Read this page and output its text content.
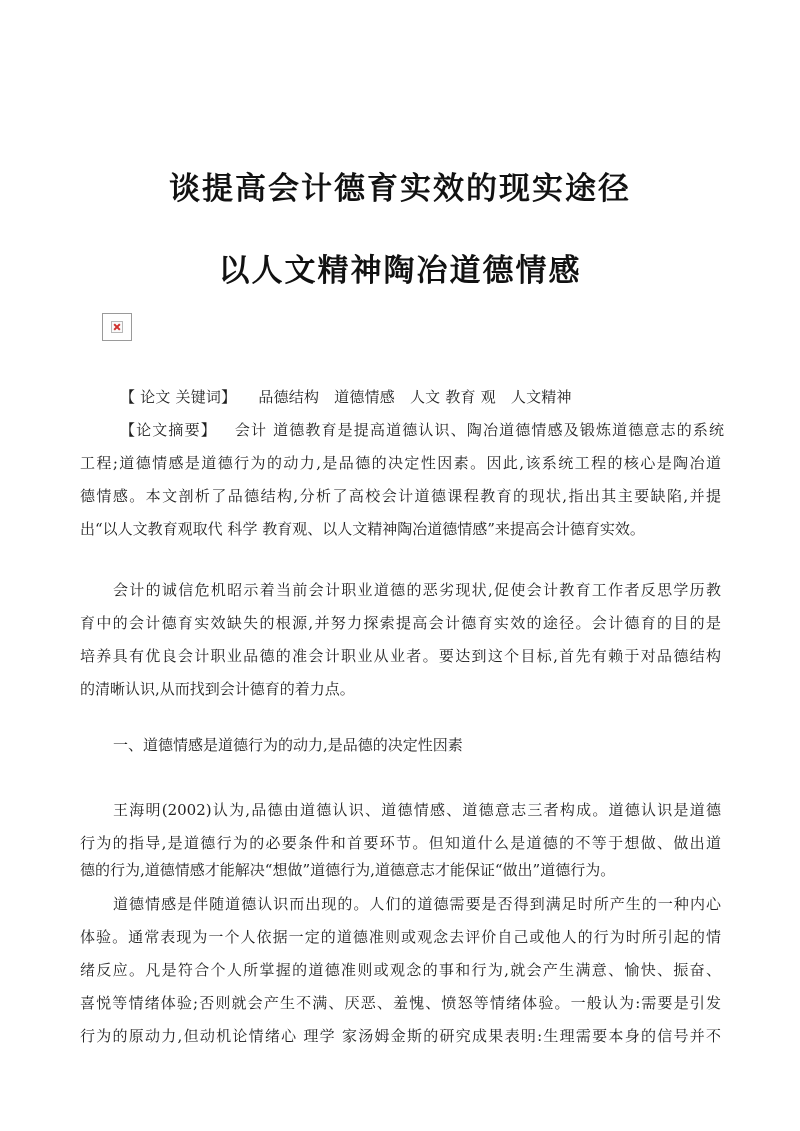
谈提高会计德育实效的现实途径
以人文精神陶冶道德情感
【 论文 关键词】 品德结构 道德情感 人文 教育 观 人文精神
【论文摘要】 会计 道德教育是提高道德认识、陶冶道德情感及锻炼道德意志的系统
工程;道德情感是道德行为的动力,是品德的决定性因素。因此,该系统工程的核心是陶冶道
德情感。本文剖析了品德结构,分析了高校会计道德课程教育的现状,指出其主要缺陷,并提
出“以人文教育观取代 科学 教育观、以人文精神陶冶道德情感”来提高会计德育实效。
会计的诚信危机昭示着当前会计职业道德的恶劣现状,促使会计教育工作者反思学历教
育中的会计德育实效缺失的根源,并努力探索提高会计德育实效的途径。会计德育的目的是
培养具有优良会计职业品德的准会计职业从业者。要达到这个目标,首先有赖于对品德结构
的清晰认识,从而找到会计德育的着力点。
一、道德情感是道德行为的动力,是品德的决定性因素
王海明(2002)认为,品德由道德认识、道德情感、道德意志三者构成。道德认识是道德
行为的指导,是道德行为的必要条件和首要环节。但知道什么是道德的不等于想做、做出道
德的行为,道德情感才能解决“想做”道德行为,道德意志才能保证“做出”道德行为。
道德情感是伴随道德认识而出现的。人们的道德需要是否得到满足时所产生的一种内心
体验。通常表现为一个人依据一定的道德准则或观念去评价自己或他人的行为时所引起的情
绪反应。凡是符合个人所掌握的道德准则或观念的事和行为,就会产生满意、愉快、振奋、
喜悦等情绪体验;否则就会产生不满、厌恶、羞愧、愤怒等情绪体验。一般认为:需要是引发
行为的原动力,但动机论情绪心 理学 家汤姆金斯的研究成果表明:生理需要本身的信号并不
